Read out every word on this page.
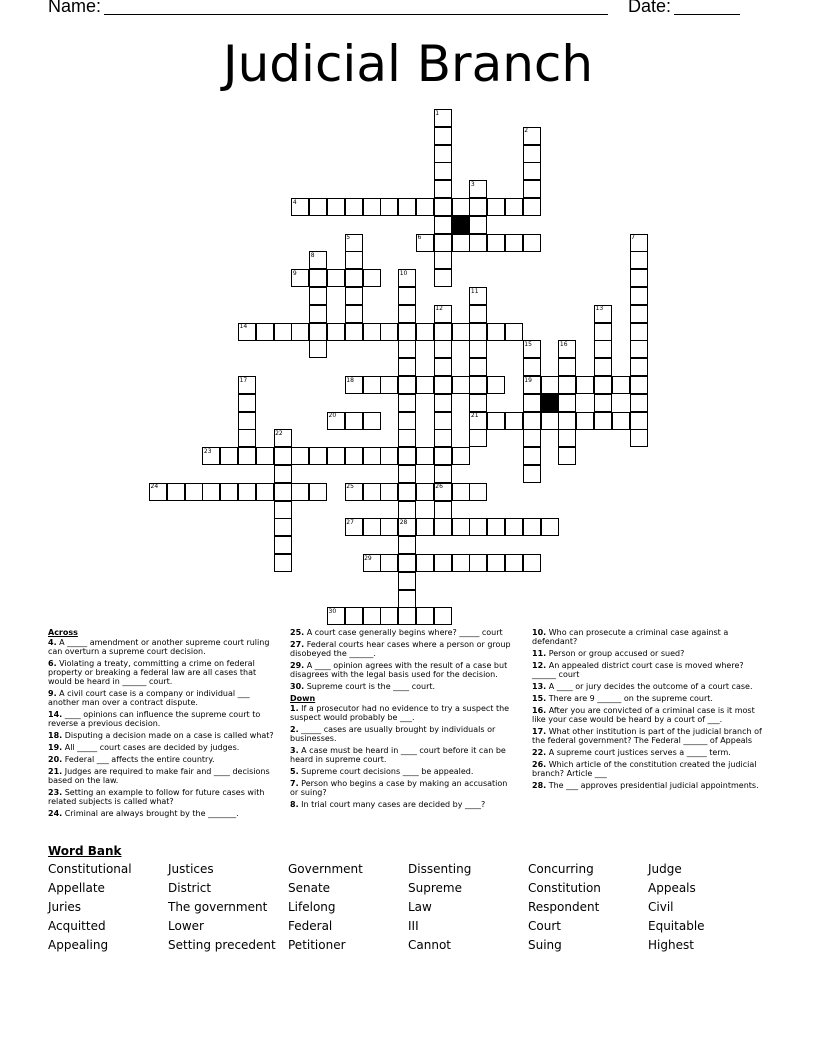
Name:	Date:
Judicial Branch
1
2
3
4
5	6	7
8
9	10
11
12	13
14
15	16
17	18	19
20	21
22
23
24	25	26
27	28
29
30
Across
4. A _____ amendment or another supreme court ruling can overturn a supreme court decision.
6. Violating a treaty, committing a crime on federal property or breaking a federal law are all cases that would be heard in ______ court.
9. A civil court case is a company or individual ___ another man over a contract dispute.
14. ____ opinions can influence the supreme court to reverse a previous decision.
18. Disputing a decision made on a case is called what?
19. All _____ court cases are decided by judges.
20. Federal ___ affects the entire country.
21. Judges are required to make fair and ____ decisions based on the law.
23. Setting an example to follow for future cases with related subjects is called what?
24. Criminal are always brought by the _______.
25. A court case generally begins where? _____ court
27. Federal courts hear cases where a person or group disobeyed the ______.
29. A ____ opinion agrees with the result of a case but disagrees with the legal basis used for the decision.
30. Supreme court is the ____ court.
Down
1. If a prosecutor had no evidence to try a suspect the suspect would probably be ___.
2. _____ cases are usually brought by individuals or businesses.
3. A case must be heard in ____ court before it can be heard in supreme court.
5. Supreme court decisions ____ be appealed.
7. Person who begins a case by making an accusation or suing?
8. In trial court many cases are decided by ____?
10. Who can prosecute a criminal case against a defendant?
11. Person or group accused or sued?
12. An appealed district court case is moved where? ______ court
13. A ____ or jury decides the outcome of a court case.
15. There are 9 ______ on the supreme court.
16. After you are convicted of a criminal case is it most like your case would be heard by a court of ___.
17. What other institution is part of the judicial branch of the federal government? The Federal ______ of Appeals
22. A supreme court justices serves a _____ term.
26. Which article of the constitution created the judicial branch? Article ___
28. The ___ approves presidential judicial appointments.
Word Bank
Constitutional	Justices	Government	Dissenting	Concurring	Judge
Appellate	District	Senate	Supreme	Constitution	Appeals
Juries	The government	Lifelong	Law	Respondent	Civil
Acquitted	Lower	Federal	III	Court	Equitable
Appealing	Setting precedent	Petitioner	Cannot	Suing	Highest
